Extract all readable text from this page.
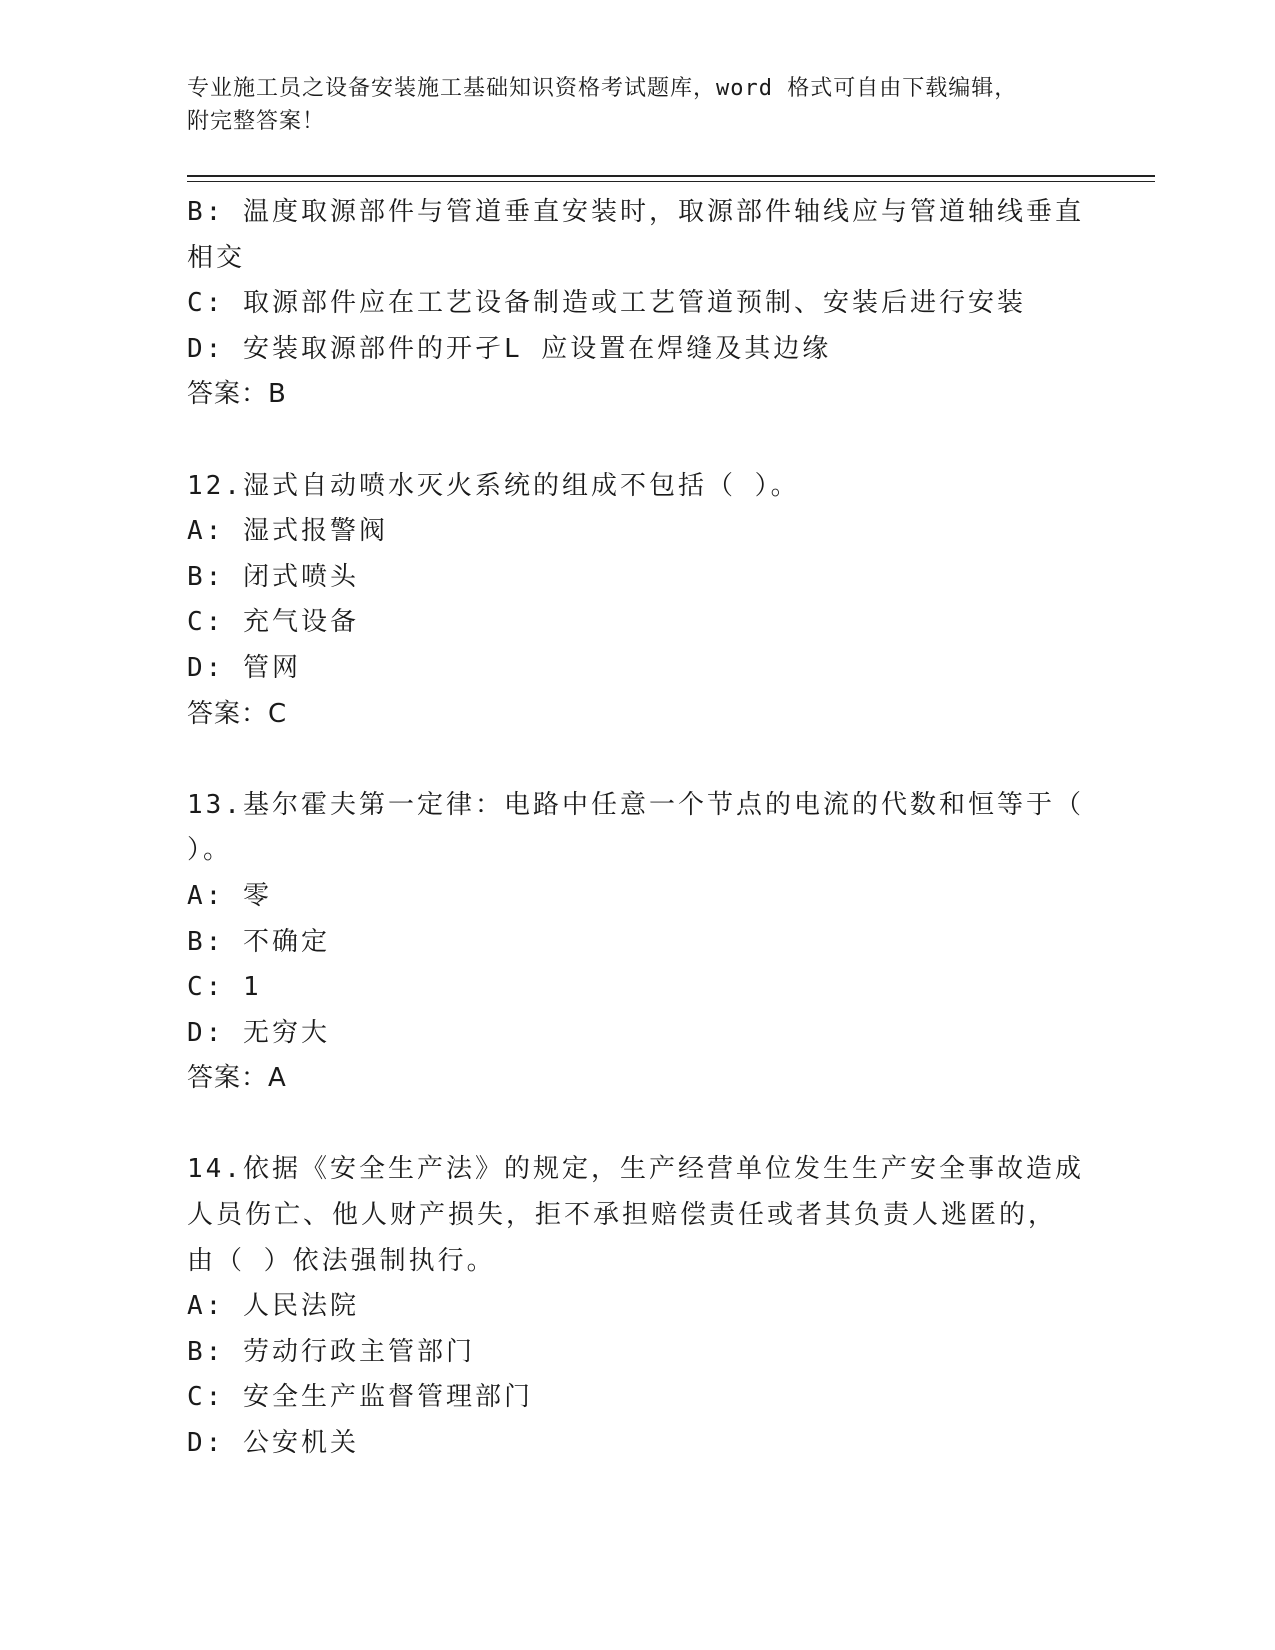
专业施工员之设备安装施工基础知识资格考试题库，word 格式可自由下载编辑，
附完整答案！
B: 温度取源部件与管道垂直安装时，取源部件轴线应与管道轴线垂直
相交
C: 取源部件应在工艺设备制造或工艺管道预制、安装后进行安装
D: 安装取源部件的开孑L 应设置在焊缝及其边缘
答案：B
12.湿式自动喷水灭火系统的组成不包括（ ）。
A: 湿式报警阀
B: 闭式喷头
C: 充气设备
D: 管网
答案：C
13.基尔霍夫第一定律：电路中任意一个节点的电流的代数和恒等于（
）。
A: 零
B: 不确定
C: 1
D: 无穷大
答案：A
14.依据《安全生产法》的规定，生产经营单位发生生产安全事故造成
人员伤亡、他人财产损失，拒不承担赔偿责任或者其负责人逃匿的，
由（ ）依法强制执行。
A: 人民法院
B: 劳动行政主管部门
C: 安全生产监督管理部门
D: 公安机关
